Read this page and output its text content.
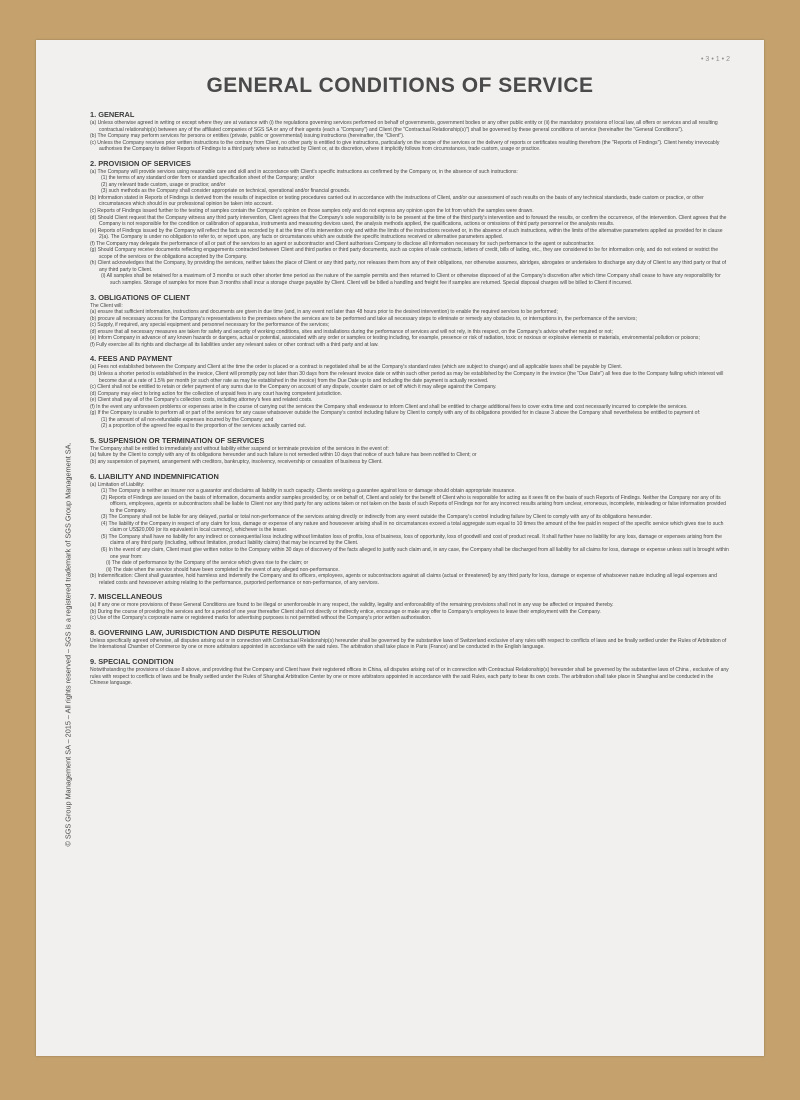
•3•1•2
© SGS Group Management SA – 2015 – All rights reserved – SGS is a registered trademark of SGS Group Management SA.
GENERAL CONDITIONS OF SERVICE
1. GENERAL

(a) Unless otherwise agreed in writing or except where they are at variance with (i) the regulations governing services performed on behalf of governments, government bodies or any other public entity or (ii) the mandatory provisions of local law, all offers or services and all resulting contractual relationship(s) between any of the affiliated companies of SGS SA or any of their agents (each a "Company") and Client (the "Contractual Relationship(s)") shall be governed by these general conditions of service (hereinafter the "General Conditions").

(b) The Company may perform services for persons or entities (private, public or governmental) issuing instructions (hereinafter, the "Client").

(c) Unless the Company receives prior written instructions to the contrary from Client, no other party is entitled to give instructions, particularly on the scope of the services or the delivery of reports or certificates resulting therefrom (the "Reports of Findings"). Client hereby irrevocably authorises the Company to deliver Reports of Findings to a third party where so instructed by Client or, at its discretion, where it implicitly follows from circumstances, trade custom, usage or practice.

2. PROVISION OF SERVICES

(a) The Company will provide services using reasonable care and skill and in accordance with Client's specific instructions as confirmed by the Company or, in the absence of such instructions:

(1) the terms of any standard order form or standard specification sheet of the Company; and/or

(2) any relevant trade custom, usage or practice; and/or

(3) such methods as the Company shall consider appropriate on technical, operational and/or financial grounds.

(b) Information stated in Reports of Findings is derived from the results of inspection or testing procedures carried out in accordance with the instructions of Client, and/or our assessment of such results on the basis of any technical standards, trade custom or practice, or other circumstances which should in our professional opinion be taken into account.

(c) Reports of Findings issued further to the testing of samples contain the Company's opinion on those samples only and do not express any opinion upon the lot from which the samples were drawn.

(d) Should Client request that the Company witness any third party intervention, Client agrees that the Company's sole responsibility is to be present at the time of the third party's intervention and to forward the results, or confirm the occurrence, of the intervention. Client agrees that the Company is not responsible for the condition or calibration of apparatus, instruments and measuring devices used, the analysis methods applied, the qualifications, actions or omissions of third party personnel or the analysis results.

(e) Reports of Findings issued by the Company will reflect the facts as recorded by it at the time of its intervention only and within the limits of the instructions received or, in the absence of such instructions, within the limits of the alternative parameters applied as provided for in clause 2(a). The Company is under no obligation to refer to, or report upon, any facts or circumstances which are outside the specific instructions received or alternative parameters applied.

(f) The Company may delegate the performance of all or part of the services to an agent or subcontractor and Client authorises Company to disclose all information necessary for such performance to the agent or subcontractor.

(g) Should Company receive documents reflecting engagements contracted between Client and third parties or third party documents, such as copies of sale contracts, letters of credit, bills of lading, etc., they are considered to be for information only, and do not extend or restrict the scope of the services or the obligations accepted by the Company.

(h) Client acknowledges that the Company, by providing the services, neither takes the place of Client or any third party, nor releases them from any of their obligations, nor otherwise assumes, abridges, abrogates or undertakes to discharge any duty of Client to any third party or that of any third party to Client.

(i) All samples shall be retained for a maximum of 3 months or such other shorter time period as the nature of the sample permits and then returned to Client or otherwise disposed of at the Company's discretion after which time Company shall cease to have any responsibility for such samples. Storage of samples for more than 3 months shall incur a storage charge payable by Client. Client will be billed a handling and freight fee if samples are returned. Special disposal charges will be billed to Client if incurred.

3. OBLIGATIONS OF CLIENT

The Client will:

(a) ensure that sufficient information, instructions and documents are given in due time (and, in any event not later than 48 hours prior to the desired intervention) to enable the required services to be performed;

(b) procure all necessary access for the Company's representatives to the premises where the services are to be performed and take all necessary steps to eliminate or remedy any obstacles to, or interruptions in, the performance of the services;

(c) Supply, if required, any special equipment and personnel necessary for the performance of the services;

(d) ensure that all necessary measures are taken for safety and security of working conditions, sites and installations during the performance of services and will not rely, in this respect, on the Company's advice whether required or not;

(e) Inform Company in advance of any known hazards or dangers, actual or potential, associated with any order or samples or testing including, for example, presence or risk of radiation, toxic or noxious or explosive elements or materials, environmental pollution or poisons;

(f) Fully exercise all its rights and discharge all its liabilities under any relevant sales or other contract with a third party and at law.

4. FEES AND PAYMENT

(a) Fees not established between the Company and Client at the time the order is placed or a contract is negotiated shall be at the Company's standard rates (which are subject to change) and all applicable taxes shall be payable by Client.

(b) Unless a shorter period is established in the invoice, Client will promptly pay not later than 30 days from the relevant invoice date or within such other period as may be established by the Company in the invoice (the "Due Date") all fees due to the Company failing which interest will become due at a rate of 1.5% per month (or such other rate as may be established in the invoice) from the Due Date up to and including the date payment is actually received.

(c) Client shall not be entitled to retain or defer payment of any sums due to the Company on account of any dispute, counter claim or set off which it may allege against the Company.

(d) Company may elect to bring action for the collection of unpaid fees in any court having competent jurisdiction.

(e) Client shall pay all of the Company's collection costs, including attorney's fees and related costs.

(f) In the event any unforeseen problems or expenses arise in the course of carrying out the services the Company shall endeavour to inform Client and shall be entitled to charge additional fees to cover extra time and cost necessarily incurred to complete the services.

(g) If the Company is unable to perform all or part of the services for any cause whatsoever outside the Company's control including failure by Client to comply with any of its obligations provided for in clause 3 above the Company shall nevertheless be entitled to payment of:

(1) the amount of all non-refundable expenses incurred by the Company; and

(2) a proportion of the agreed fee equal to the proportion of the services actually carried out.

5. SUSPENSION OR TERMINATION OF SERVICES

The Company shall be entitled to immediately and without liability either suspend or terminate provision of the services in the event of:

(a) failure by the Client to comply with any of its obligations hereunder and such failure is not remedied within 10 days that notice of such failure has been notified to Client; or

(b) any suspension of payment, arrangement with creditors, bankruptcy, insolvency, receivership or cessation of business by Client.

6. LIABILITY AND INDEMNIFICATION

(a) Limitation of Liability:

(1) The Company is neither an insurer nor a guarantor and disclaims all liability in such capacity. Clients seeking a guarantee against loss or damage should obtain appropriate insurance.

(2) Reports of Findings are issued on the basis of information, documents and/or samples provided by, or on behalf of, Client and solely for the benefit of Client who is responsible for acting as it sees fit on the basis of such Reports of Findings. Neither the Company nor any of its officers, employees, agents or subcontractors shall be liable to Client nor any third party for any actions taken or not taken on the basis of such Reports of Findings nor for any incorrect results arising from unclear, erroneous, incomplete, misleading or false information provided to the Company.

(3) The Company shall not be liable for any delayed, partial or total non-performance of the services arising directly or indirectly from any event outside the Company's control including failure by Client to comply with any of its obligations hereunder.

(4) The liability of the Company in respect of any claim for loss, damage or expense of any nature and howsoever arising shall in no circumstances exceed a total aggregate sum equal to 10 times the amount of the fee paid in respect of the specific service which gives rise to such claim or US$20,000 (or its equivalent in local currency), whichever is the lesser.

(5) The Company shall have no liability for any indirect or consequential loss including without limitation loss of profits, loss of business, loss of opportunity, loss of goodwill and cost of product recall. It shall further have no liability for any loss, damage or expenses arising from the claims of any third party (including, without limitation, product liability claims) that may be incurred by the Client.

(6) In the event of any claim, Client must give written notice to the Company within 30 days of discovery of the facts alleged to justify such claim and, in any case, the Company shall be discharged from all liability for all claims for loss, damage or expense unless suit is brought within one year from:

(i) The date of performance by the Company of the service which gives rise to the claim; or

(ii) The date when the service should have been completed in the event of any alleged non-performance.

(b) Indemnification: Client shall guarantee, hold harmless and indemnify the Company and its officers, employees, agents or subcontractors against all claims (actual or threatened) by any third party for loss, damage or expense of whatsoever nature including all legal expenses and related costs and howsoever arising relating to the performance, purported performance or non-performance, of any services.

7. MISCELLANEOUS

(a) If any one or more provisions of these General Conditions are found to be illegal or unenforceable in any respect, the validity, legality and enforceability of the remaining provisions shall not in any way be affected or impaired thereby.

(b) During the course of providing the services and for a period of one year thereafter Client shall not directly or indirectly entice, encourage or make any offer to Company's employees to leave their employment with the Company.

(c) Use of the Company's corporate name or registered marks for advertising purposes is not permitted without the Company's prior written authorisation.

8. GOVERNING LAW, JURISDICTION AND DISPUTE RESOLUTION

Unless specifically agreed otherwise, all disputes arising out or in connection with Contractual Relationship(s) hereunder shall be governed by the substantive laws of Switzerland exclusive of any rules with respect to conflicts of laws and be finally settled under the Rules of Arbitration of the International Chamber of Commerce by one or more arbitrators appointed in accordance with the said rules. The arbitration shall take place in Paris (France) and be conducted in the English language.

9. SPECIAL CONDITION

Notwithstanding the provisions of clause 8 above, and providing that the Company and Client have their registered offices in China, all disputes arising out of or in connection with Contractual Relationship(s) hereunder shall be governed by the substantive laws of China , exclusive of any rules with respect to conflicts of laws and be finally settled under the Rules of Shanghai Arbitration Center by one or more arbitrators appointed in accordance with the said Rules, each party to bear its own costs. The arbitration shall take place in Shanghai and be conducted in the Chinese language.
